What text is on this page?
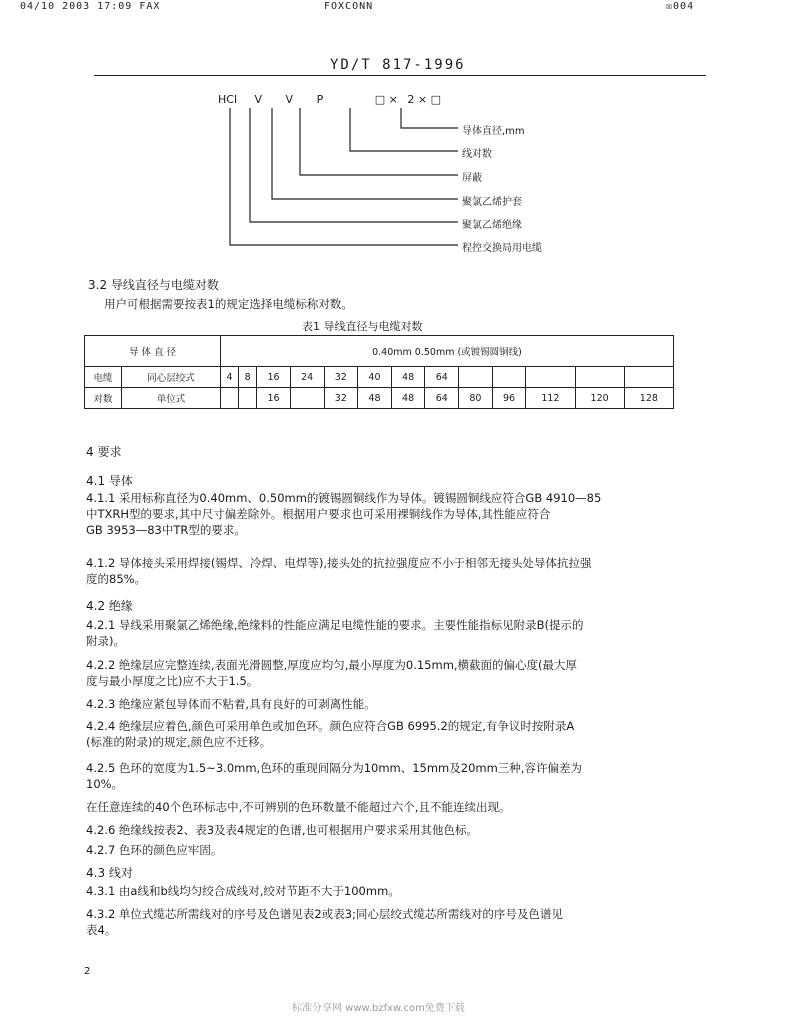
04/10 2003 17:09 FAX	FOXCONN	☒004
YD/T 817-1996
HCl V V P	□ × 2 × □
导体直径,mm
线对数
屏蔽
聚氯乙烯护套
聚氯乙烯绝缘
程控交换局用电缆
3.2 导线直径与电缆对数
用户可根据需要按表1的规定选择电缆标称对数。
表1 导线直径与电缆对数
导 体 直 径		0.40mm 0.50mm (或镀锡圆铜线)												
电缆	同心层绞式	4	8	16	24	32	40	48	64					
对数	单位式			16		32	48	48	64	80	96	112	120	128
4 要求
4.1 导体
4.1.1 采用标称直径为0.40mm、0.50mm的镀锡圆铜线作为导体。镀锡圆铜线应符合GB 4910—85
中TXRH型的要求,其中尺寸偏差除外。根据用户要求也可采用裸铜线作为导体,其性能应符合
GB 3953—83中TR型的要求。
4.1.2 导体接头采用焊接(锡焊、冷焊、电焊等),接头处的抗拉强度应不小于相邻无接头处导体抗拉强
度的85%。
4.2 绝缘
4.2.1 导线采用聚氯乙烯绝缘,绝缘料的性能应满足电缆性能的要求。主要性能指标见附录B(提示的
附录)。
4.2.2 绝缘层应完整连续,表面光滑圆整,厚度应均匀,最小厚度为0.15mm,横截面的偏心度(最大厚
度与最小厚度之比)应不大于1.5。
4.2.3 绝缘应紧包导体而不粘着,具有良好的可剥离性能。
4.2.4 绝缘层应着色,颜色可采用单色或加色环。颜色应符合GB 6995.2的规定,有争议时按附录A
(标准的附录)的规定,颜色应不迁移。
4.2.5 色环的宽度为1.5~3.0mm,色环的重现间隔分为10mm、15mm及20mm三种,容许偏差为
10%。
在任意连续的40个色环标志中,不可辨别的色环数量不能超过六个,且不能连续出现。
4.2.6 绝缘线按表2、表3及表4规定的色谱,也可根据用户要求采用其他色标。
4.2.7 色环的颜色应牢固。
4.3 线对
4.3.1 由a线和b线均匀绞合成线对,绞对节距不大于100mm。
4.3.2 单位式缆芯所需线对的序号及色谱见表2或表3;同心层绞式缆芯所需线对的序号及色谱见
表4。
2
标准分享网 www.bzfxw.com免费下载
